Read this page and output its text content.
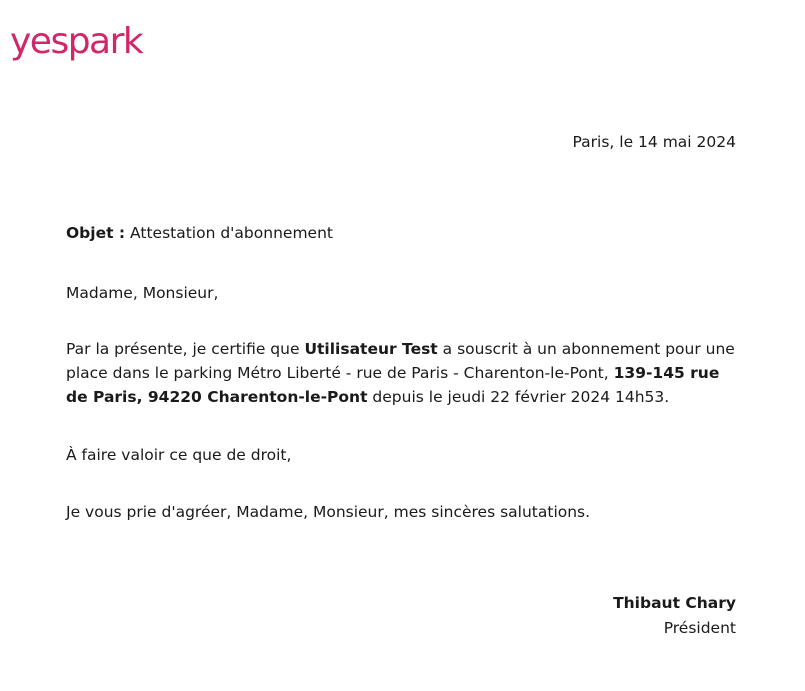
yespark
Paris, le 14 mai 2024
Objet : Attestation d'abonnement
Madame, Monsieur,
Par la présente, je certifie que Utilisateur Test a souscrit à un abonnement pour une place dans le parking Métro Liberté - rue de Paris - Charenton-le-Pont, 139-145 rue de Paris, 94220 Charenton-le-Pont depuis le jeudi 22 février 2024 14h53.
À faire valoir ce que de droit,
Je vous prie d'agréer, Madame, Monsieur, mes sincères salutations.
Thibaut Chary
Président
